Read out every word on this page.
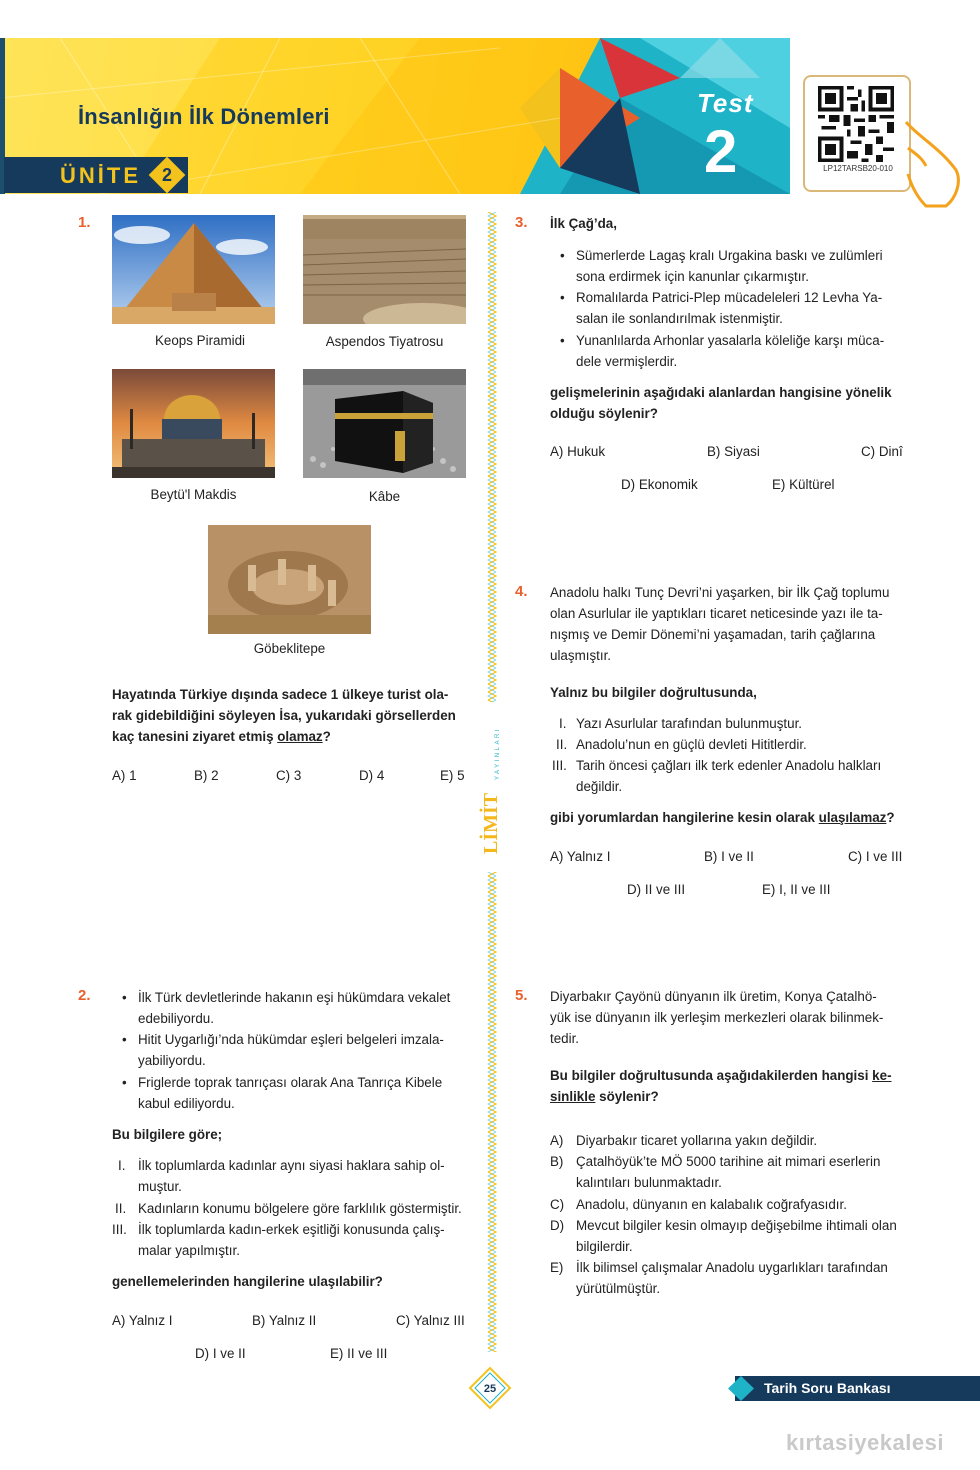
İnsanlığın İlk Dönemleri
ÜNİTE	2
Test
2	LP12TARSB20-010
LİMİT
YAYINLARI
1.
Keops Piramidi	Aspendos Tiyatrosu
Beytü'l Makdis	Kâbe
Göbeklitepe
Hayatında Türkiye dışında sadece 1 ülkeye turist ola-
rak gidebildiğini söyleyen İsa, yukarıdaki görsellerden
kaç tanesini ziyaret etmiş olamaz?
A) 1	B) 2	C) 3	D) 4	E) 5
2. • İlk Türk devletlerinde hakanın eşi hükümdara vekalet
edebiliyordu.
• Hitit Uygarlığı’nda hükümdar eşleri belgeleri imzala-
yabiliyordu.
• Friglerde toprak tanrıçası olarak Ana Tanrıça Kibele
kabul ediliyordu.
Bu bilgilere göre;
I. İlk toplumlarda kadınlar aynı siyasi haklara sahip ol-
muştur.
II. Kadınların konumu bölgelere göre farklılık göstermiştir.
III. İlk toplumlarda kadın-erkek eşitliği konusunda çalış-
malar yapılmıştır.
genellemelerinden hangilerine ulaşılabilir?
A) Yalnız I	B) Yalnız II	C) Yalnız III
D) I ve II	E) II ve III
3. İlk Çağ’da,
• Sümerlerde Lagaş kralı Urgakina baskı ve zulümleri
sona erdirmek için kanunlar çıkarmıştır.
• Romalılarda Patrici-Plep mücadeleleri 12 Levha Ya-
salan ile sonlandırılmak istenmiştir.
• Yunanlılarda Arhonlar yasalarla köleliğe karşı müca-
dele vermişlerdir.
gelişmelerinin aşağıdaki alanlardan hangisine yönelik
olduğu söylenir?
A) Hukuk	B) Siyasi	C) Dinî
D) Ekonomik	E) Kültürel
4. Anadolu halkı Tunç Devri’ni yaşarken, bir İlk Çağ toplumu
olan Asurlular ile yaptıkları ticaret neticesinde yazı ile ta-
nışmış ve Demir Dönemi’ni yaşamadan, tarih çağlarına
ulaşmıştır.
Yalnız bu bilgiler doğrultusunda,
I. Yazı Asurlular tarafından bulunmuştur.
II. Anadolu’nun en güçlü devleti Hititlerdir.
III. Tarih öncesi çağları ilk terk edenler Anadolu halkları
değildir.
gibi yorumlardan hangilerine kesin olarak ulaşılamaz?
A) Yalnız I	B) I ve II	C) I ve III
D) II ve III	E) I, II ve III
5. Diyarbakır Çayönü dünyanın ilk üretim, Konya Çatalhö-
yük ise dünyanın ilk yerleşim merkezleri olarak bilinmek-
tedir.
Bu bilgiler doğrultusunda aşağıdakilerden hangisi ke-
sinlikle söylenir?
A) Diyarbakır ticaret yollarına yakın değildir.
B) Çatalhöyük’te MÖ 5000 tarihine ait mimari eserlerin
kalıntıları bulunmaktadır.
C) Anadolu, dünyanın en kalabalık coğrafyasıdır.
D) Mevcut bilgiler kesin olmayıp değişebilme ihtimali olan
bilgilerdir.
E) İlk bilimsel çalışmalar Anadolu uygarlıkları tarafından
yürütülmüştür.
25	Tarih Soru Bankası
kırtasiyekalesi
